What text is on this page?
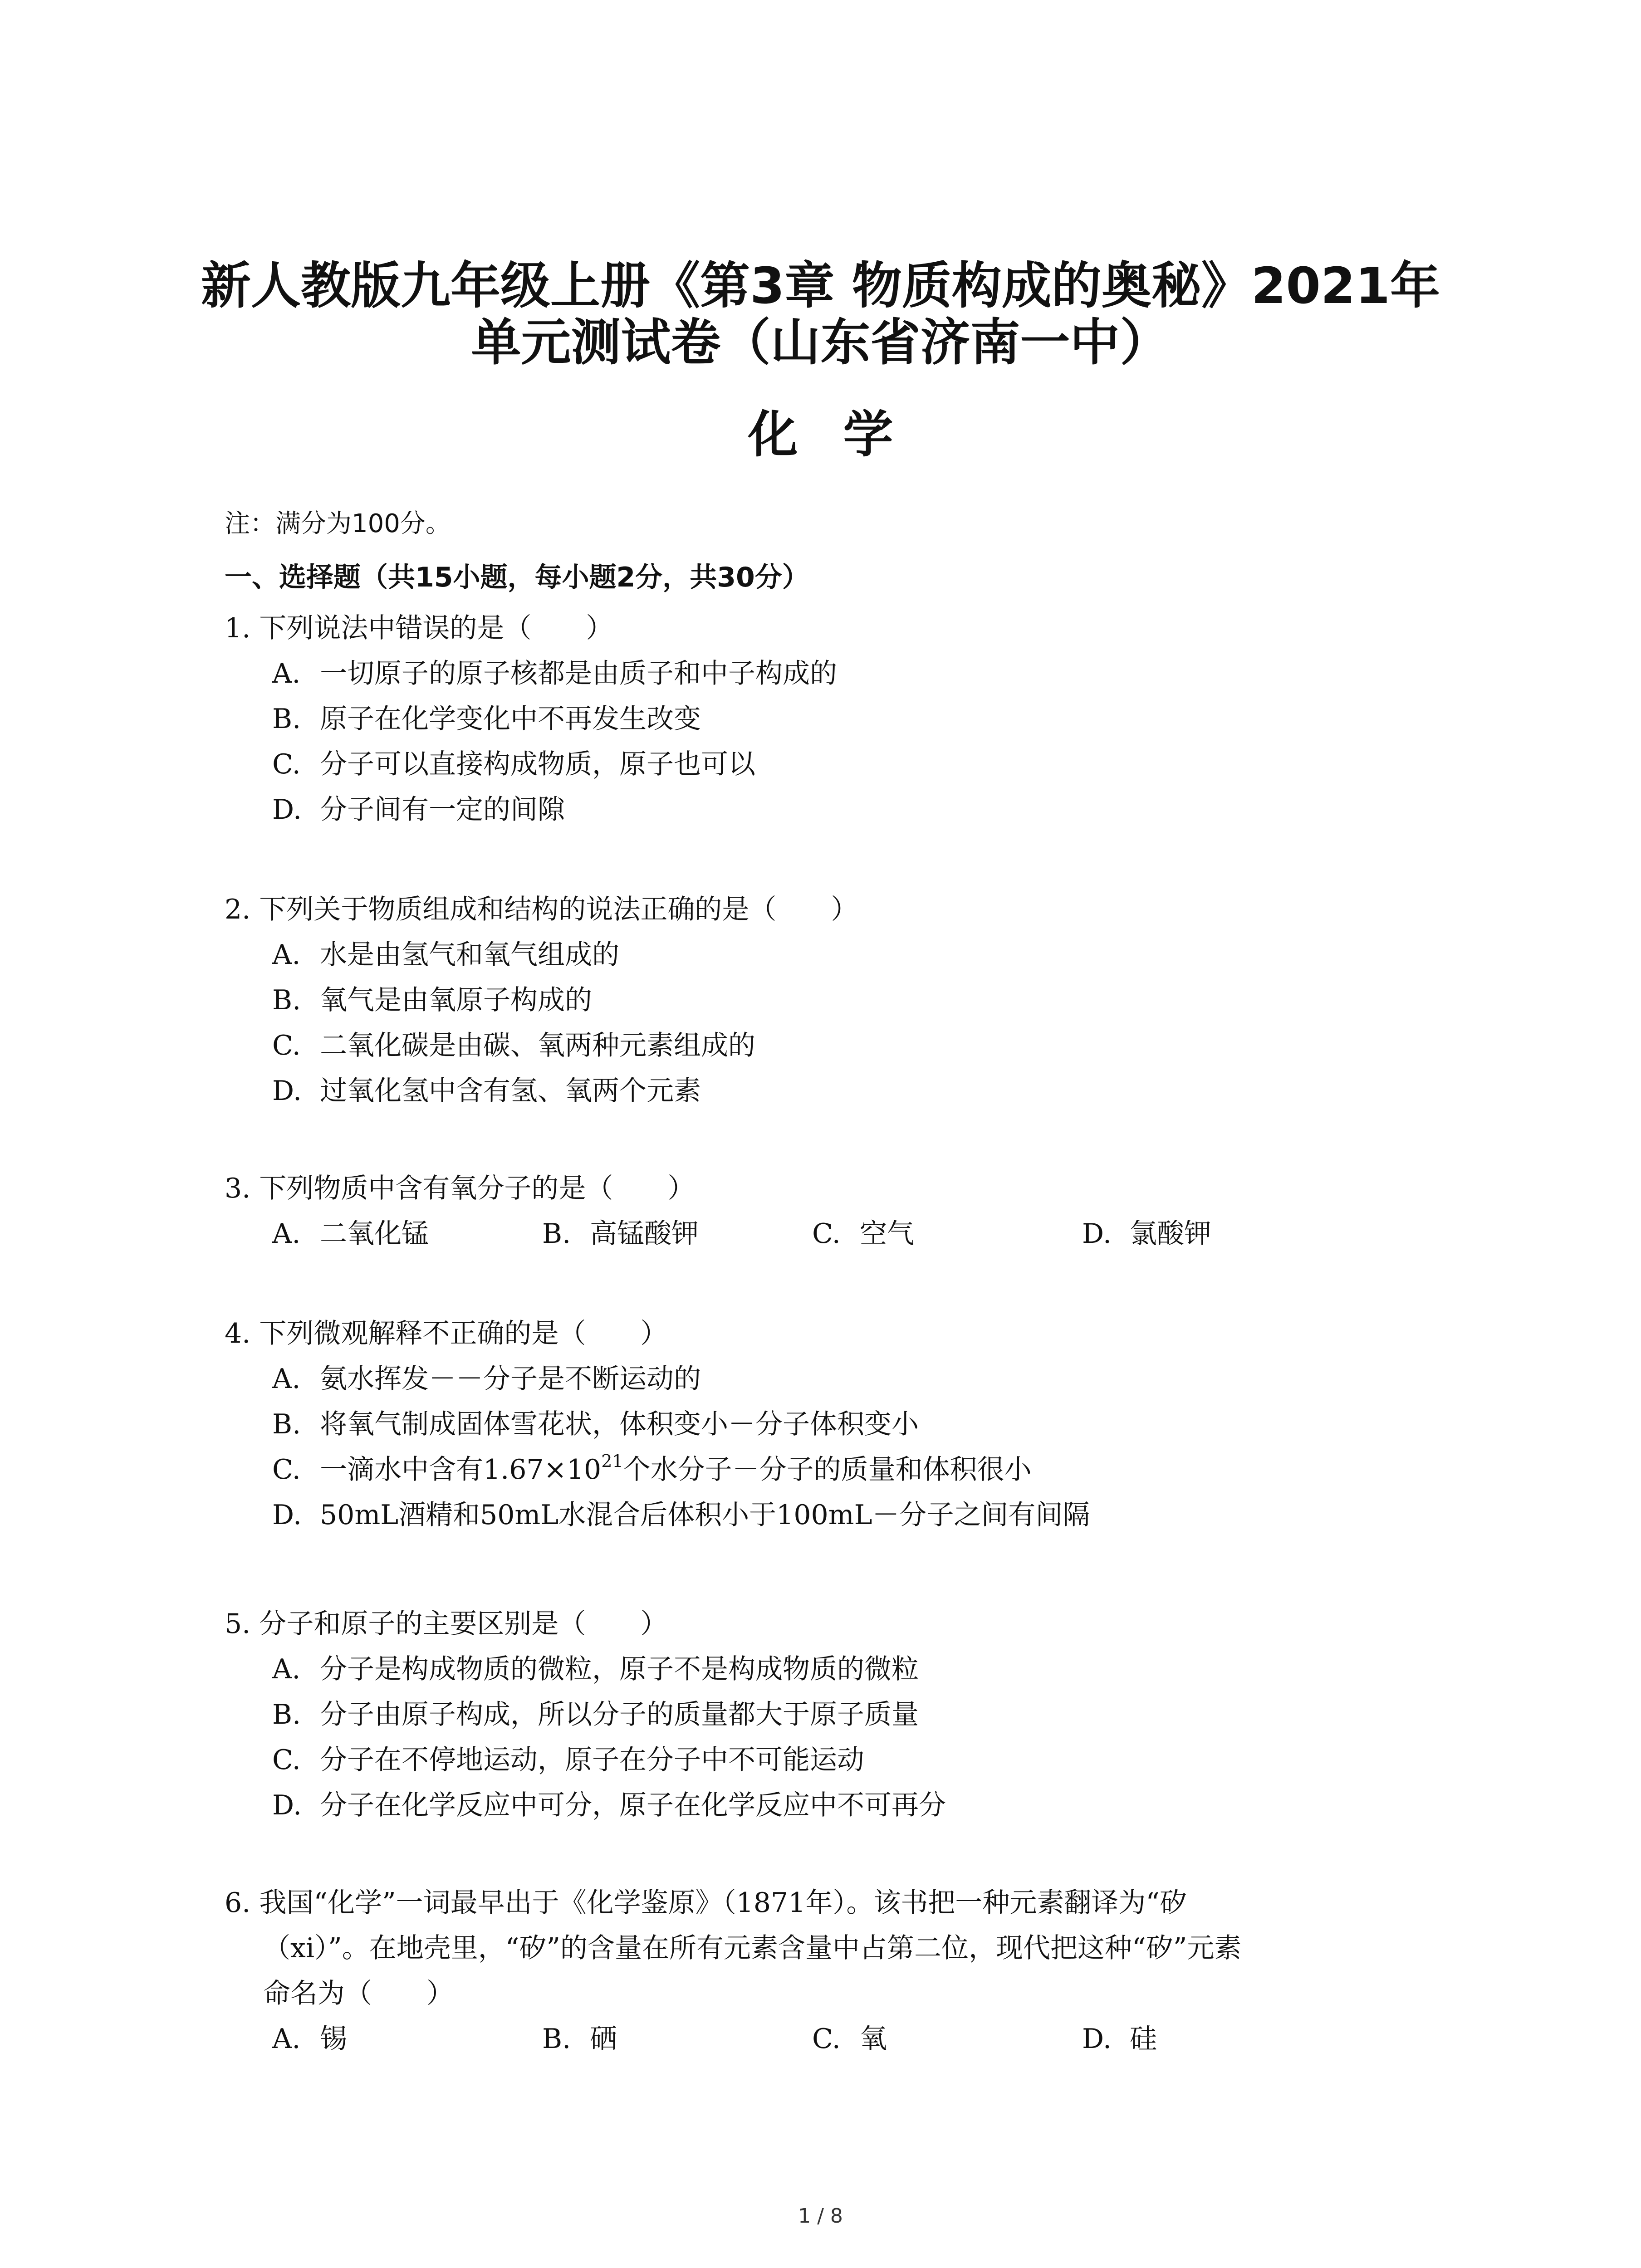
新人教版九年级上册《第3章 物质构成的奥秘》2021年
单元测试卷（山东省济南一中）
化学
注：满分为100分。
一、选择题（共15小题，每小题2分，共30分）
1. 下列说法中错误的是（　　）
A. 一切原子的原子核都是由质子和中子构成的
B. 原子在化学变化中不再发生改变
C. 分子可以直接构成物质，原子也可以
D. 分子间有一定的间隙
2. 下列关于物质组成和结构的说法正确的是（　　）
A. 水是由氢气和氧气组成的
B. 氧气是由氧原子构成的
C. 二氧化碳是由碳、氧两种元素组成的
D. 过氧化氢中含有氢、氧两个元素
3. 下列物质中含有氧分子的是（　　）
A. 二氧化锰	B. 高锰酸钾	C. 空气	D. 氯酸钾
4. 下列微观解释不正确的是（　　）
A. 氨水挥发－－分子是不断运动的
B. 将氧气制成固体雪花状，体积变小－分子体积变小
C. 一滴水中含有$1.67\times 10^{21}$个水分子－分子的质量和体积很小
D. 50mL酒精和50mL水混合后体积小于100mL－分子之间有间隔
5. 分子和原子的主要区别是（　　）
A. 分子是构成物质的微粒，原子不是构成物质的微粒
B. 分子由原子构成，所以分子的质量都大于原子质量
C. 分子在不停地运动，原子在分子中不可能运动
D. 分子在化学反应中可分，原子在化学反应中不可再分
6. 我国“化学”一词最早出于《化学鉴原》（1871年）。该书把一种元素翻译为“矽
（xi）”。在地壳里，“矽”的含量在所有元素含量中占第二位，现代把这种“矽”元素
命名为（　　）
A. 锡	B. 硒	C. 氧	D. 硅
1 / 8
